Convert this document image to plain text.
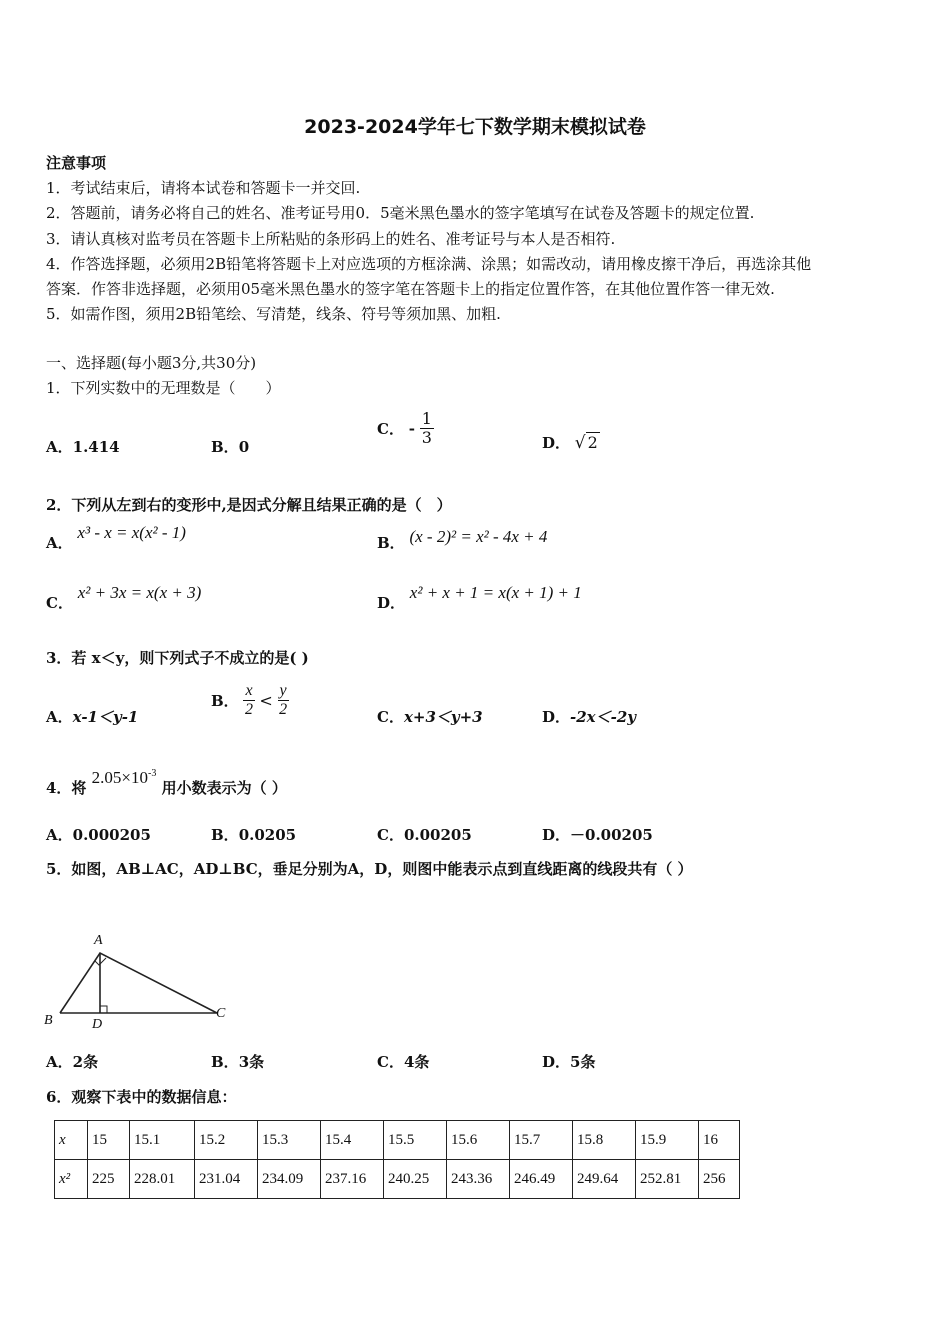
2023-2024学年七下数学期末模拟试卷
注意事项
1．考试结束后，请将本试卷和答题卡一并交回.
2．答题前，请务必将自己的姓名、准考证号用0．5毫米黑色墨水的签字笔填写在试卷及答题卡的规定位置.
3．请认真核对监考员在答题卡上所粘贴的条形码上的姓名、准考证号与本人是否相符.
4．作答选择题，必须用2B铅笔将答题卡上对应选项的方框涂满、涂黑；如需改动，请用橡皮擦干净后，再选涂其他
答案．作答非选择题，必须用05毫米黑色墨水的签字笔在答题卡上的指定位置作答，在其他位置作答一律无效.
5．如需作图，须用2B铅笔绘、写清楚，线条、符号等须加黑、加粗.
一、选择题(每小题3分,共30分)
1．下列实数中的无理数是（　　）
A．1.414	B．0
C． - $\frac{1}{3}$	D． √ 2
2．下列从左到右的变形中,是因式分解且结果正确的是（　）
A． x³ - x = x(x² - 1)
B． (x - 2)² = x² - 4x + 4
C． x² + 3x = x(x + 3)
D． x² + x + 1 = x(x + 1) + 1
3．若 x＜y，则下列式子不成立的是( )
A．x-1＜y-1
B． $\frac{x}{2} < \frac{y}{2}$	C．x+3＜y+3	D．-2x＜-2y
4．将 $2.05\times 10^{-3}$ 用小数表示为（ ）
A．0.000205	B．0.0205	C．0.00205	D．－0.00205
5．如图，AB⊥AC，AD⊥BC，垂足分别为A，D，则图中能表示点到直线距离的线段共有（ ）
A
B	C
D
A．2条	B．3条	C．4条	D．5条
6．观察下表中的数据信息：
x	15	15.1	15.2	15.3	15.4	15.5	15.6	15.7	15.8	15.9	16
x²	225	228.01	231.04	234.09	237.16	240.25	243.36	246.49	249.64	252.81	256
